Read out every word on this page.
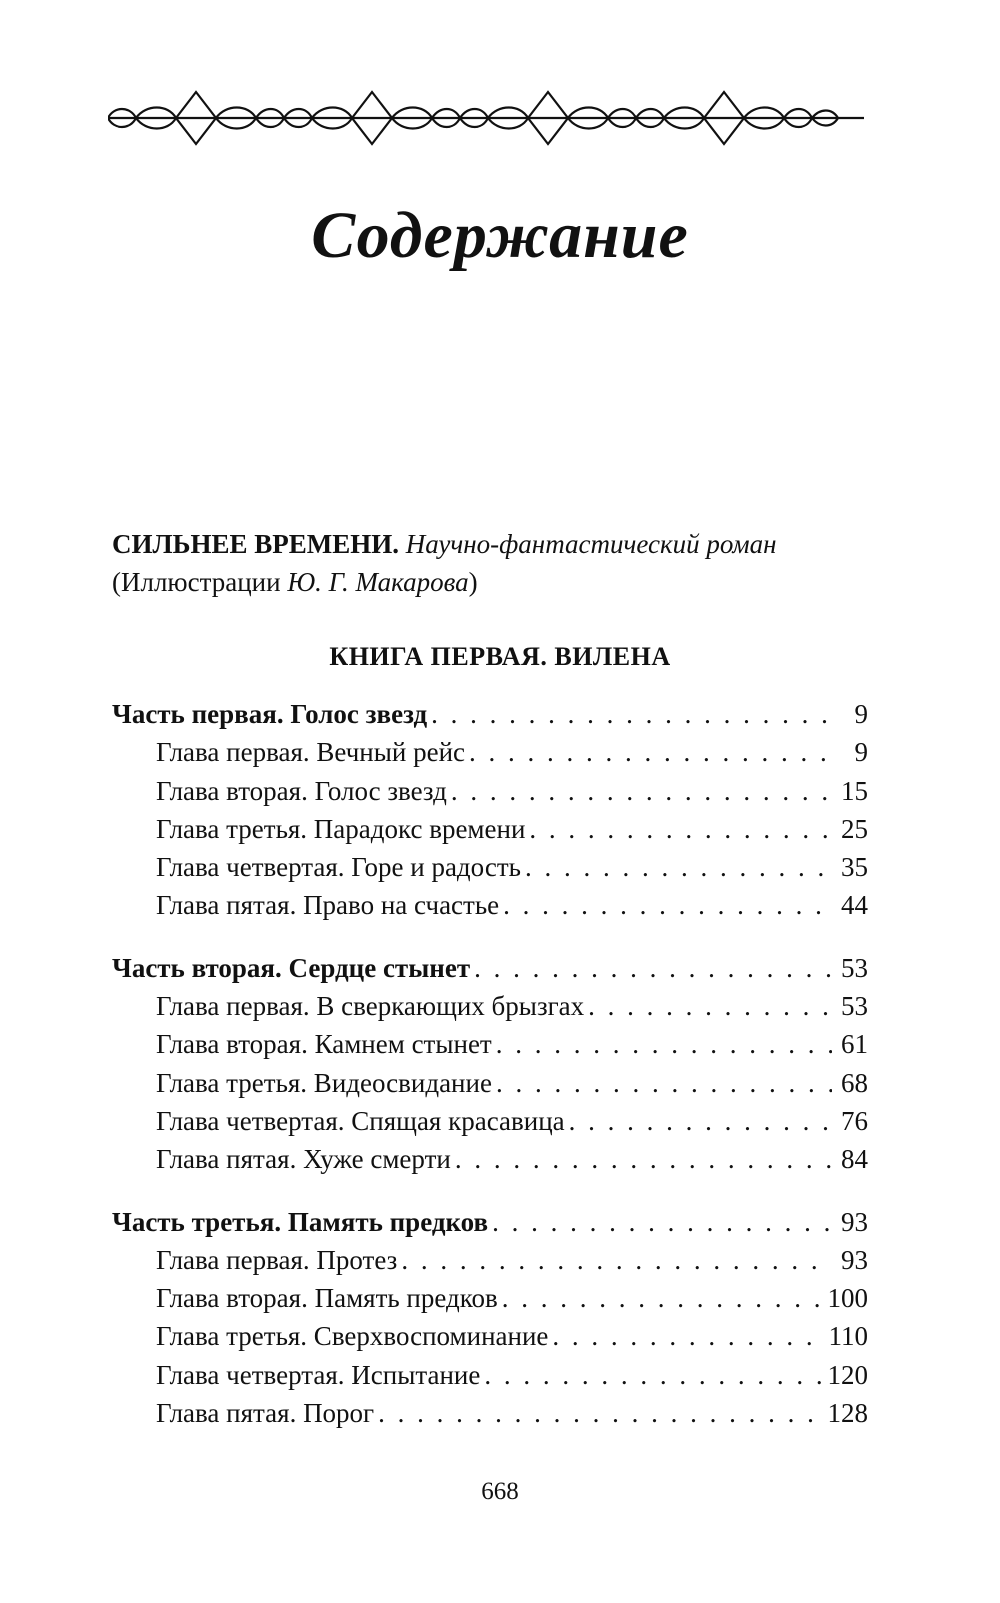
Содержание
СИЛЬНЕЕ ВРЕМЕНИ. Научно-фантастический роман
(Иллюстрации Ю. Г. Макарова)
КНИГА ПЕРВАЯ. ВИЛЕНА
Часть первая. Голос звезд . . .	9
Глава первая. Вечный рейс . . .	9
Глава вторая. Голос звезд . . .	15
Глава третья. Парадокс времени . . .	25
Глава четвертая. Горе и радость . . .	35
Глава пятая. Право на счастье . . .	44
Часть вторая. Сердце стынет . . .	53
Глава первая. В сверкающих брызгах . . .	53
Глава вторая. Камнем стынет . . .	61
Глава третья. Видеосвидание . . .	68
Глава четвертая. Спящая красавица . . .	76
Глава пятая. Хуже смерти . . .	84
Часть третья. Память предков . . .	93
Глава первая. Протез . . .	93
Глава вторая. Память предков . . .	100
Глава третья. Сверхвоспоминание . . .	110
Глава четвертая. Испытание . . .	120
Глава пятая. Порог . . .	128
668
